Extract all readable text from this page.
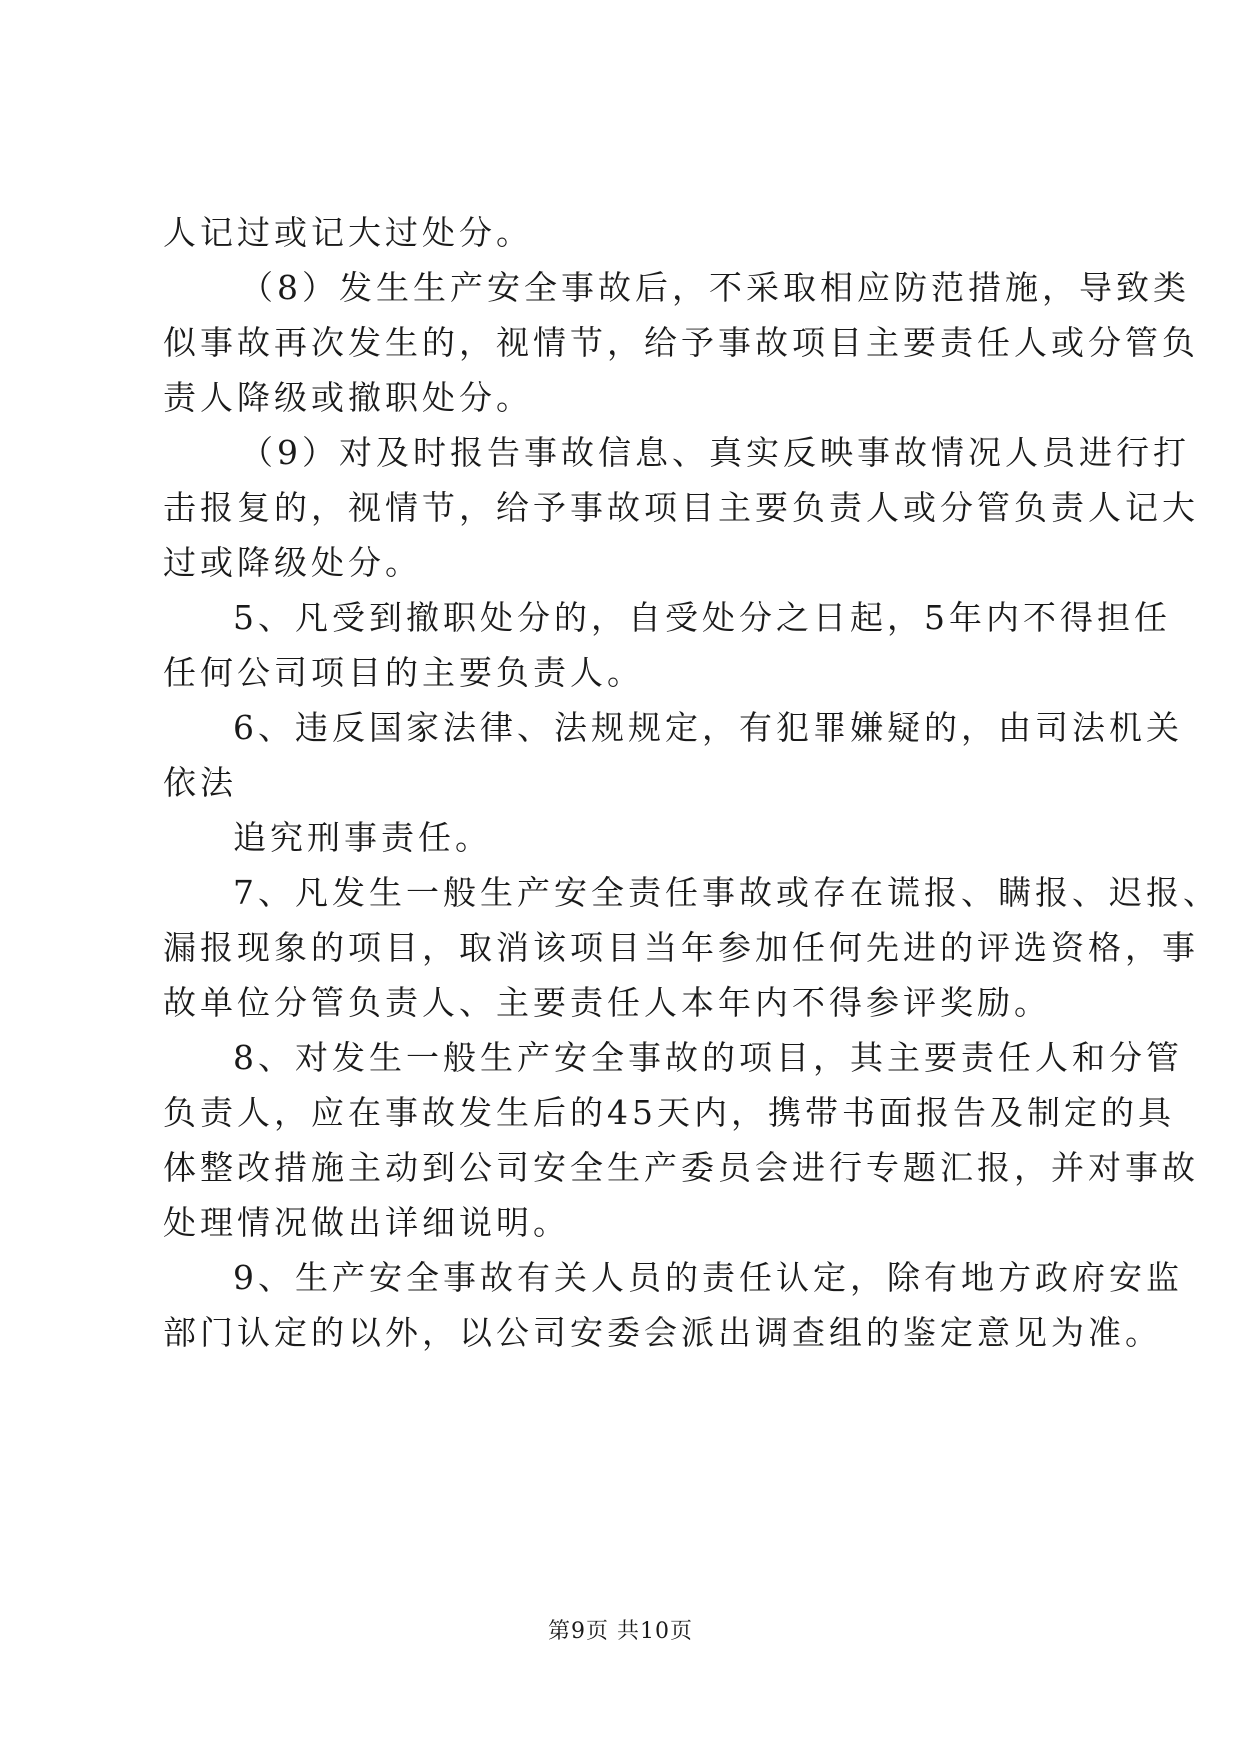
人记过或记大过处分。
（8）发生生产安全事故后，不采取相应防范措施，导致类
似事故再次发生的，视情节，给予事故项目主要责任人或分管负
责人降级或撤职处分。
（9）对及时报告事故信息、真实反映事故情况人员进行打
击报复的，视情节，给予事故项目主要负责人或分管负责人记大
过或降级处分。
5、凡受到撤职处分的，自受处分之日起，5年内不得担任
任何公司项目的主要负责人。
6、违反国家法律、法规规定，有犯罪嫌疑的，由司法机关
依法
追究刑事责任。
7、凡发生一般生产安全责任事故或存在谎报、瞒报、迟报、
漏报现象的项目，取消该项目当年参加任何先进的评选资格，事
故单位分管负责人、主要责任人本年内不得参评奖励。
8、对发生一般生产安全事故的项目，其主要责任人和分管
负责人，应在事故发生后的45天内，携带书面报告及制定的具
体整改措施主动到公司安全生产委员会进行专题汇报，并对事故
处理情况做出详细说明。
9、生产安全事故有关人员的责任认定，除有地方政府安监
部门认定的以外，以公司安委会派出调查组的鉴定意见为准。
第9页 共10页
